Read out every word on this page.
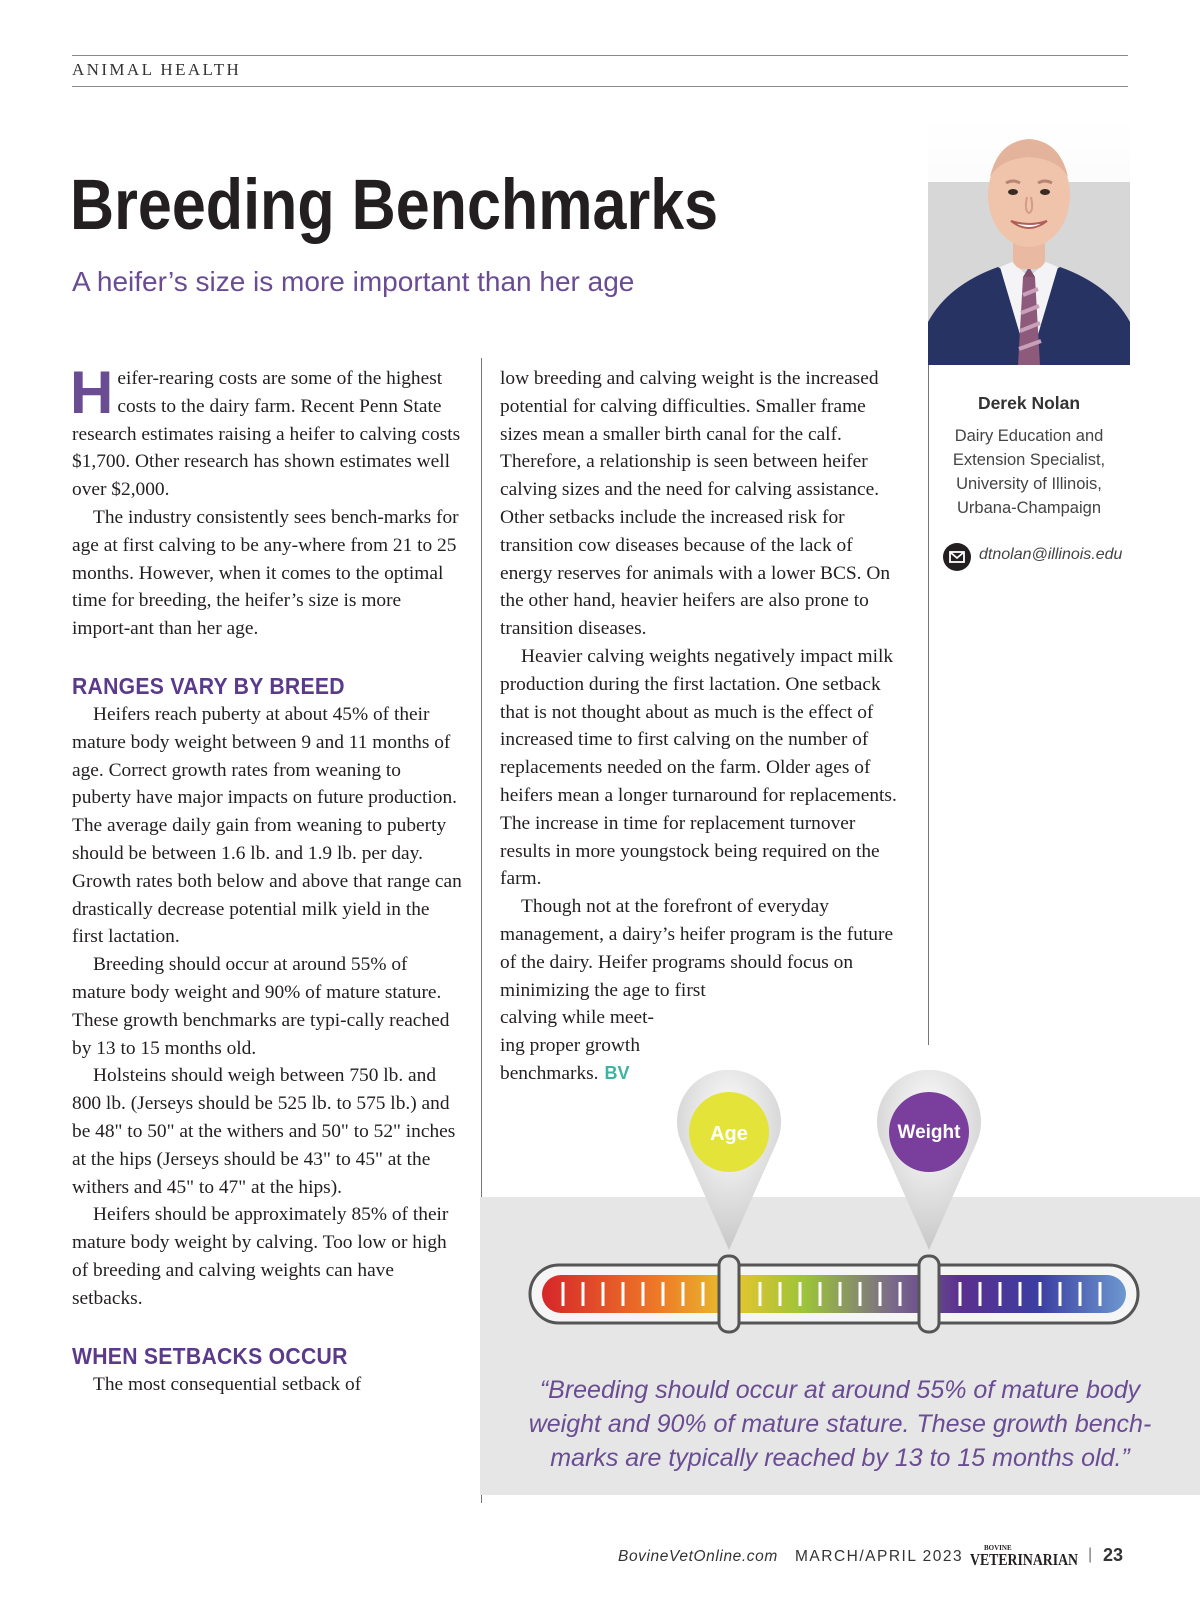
ANIMAL HEALTH
Breeding Benchmarks
A heifer’s size is more important than her age

Heifer-rearing costs are some of the highest costs to the dairy farm. Recent Penn State research estimates raising a heifer to calving costs $1,700. Other research has shown estimates well over $2,000.

The industry consistently sees bench-marks for age at first calving to be any-where from 21 to 25 months. However, when it comes to the optimal time for breeding, the heifer’s size is more import-ant than her age.

RANGES VARY BY BREED

Heifers reach puberty at about 45% of their mature body weight between 9 and 11 months of age. Correct growth rates from weaning to puberty have major impacts on future production. The average daily gain from weaning to puberty should be between 1.6 lb. and 1.9 lb. per day. Growth rates both below and above that range can drastically decrease potential milk yield in the first lactation.

Breeding should occur at around 55% of mature body weight and 90% of mature stature. These growth benchmarks are typi-cally reached by 13 to 15 months old.

Holsteins should weigh between 750 lb. and 800 lb. (Jerseys should be 525 lb. to 575 lb.) and be 48" to 50" at the withers and 50" to 52" inches at the hips (Jerseys should be 43" to 45" at the withers and 45" to 47" at the hips).

Heifers should be approximately 85% of their mature body weight by calving. Too low or high of breeding and calving weights can have setbacks.

WHEN SETBACKS OCCUR

The most consequential setback of

low breeding and calving weight is the increased potential for calving difficulties. Smaller frame sizes mean a smaller birth canal for the calf. Therefore, a relationship is seen between heifer calving sizes and the need for calving assistance. Other setbacks include the increased risk for transition cow diseases because of the lack of energy reserves for animals with a lower BCS. On the other hand, heavier heifers are also prone to transition diseases.

Heavier calving weights negatively impact milk production during the first lactation. One setback that is not thought about as much is the effect of increased time to first calving on the number of replacements needed on the farm. Older ages of heifers mean a longer turnaround for replacements. The increase in time for replacement turnover results in more youngstock being required on the farm.

Though not at the forefront of everyday management, a dairy’s heifer program is the future of the dairy. Heifer programs should focus on minimizing the age to first

calving while meet-

ing proper growth

benchmarks. BV

Derek Nolan
Dairy Education and
Extension Specialist,
University of Illinois,
Urbana-Champaign
dtnolan@illinois.edu
Age	Weight
“Breeding should occur at around 55% of mature body weight and 90% of mature stature. These growth bench-marks are typically reached by 13 to 15 months old.”
BovineVetOnline.com MARCH/APRIL 2023	BOVINE
VETERINARIAN | 23
